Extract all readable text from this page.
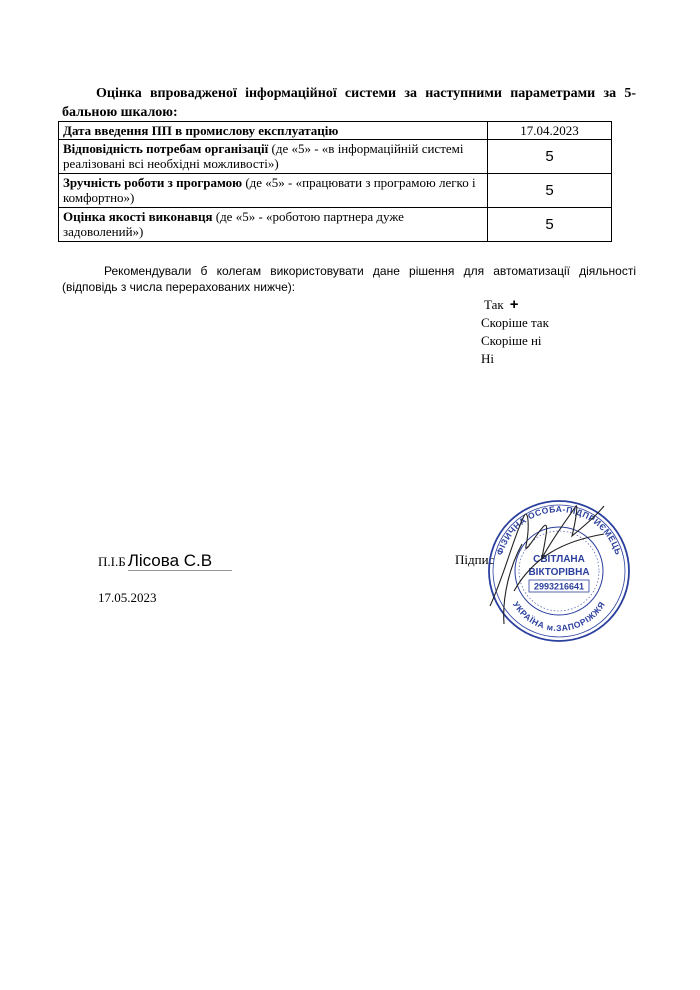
Оцінка впровадженої інформаційної системи за наступними параметрами за 5-бальною шкалою:
Дата введення ПП в промислову експлуатацію	17.04.2023
Відповідність потребам організації (де «5» - «в інформаційній системі реалізовані всі необхідні можливості»)	5
Зручність роботи з програмою (де «5» - «працювати з програмою легко і комфортно»)	5
Оцінка якості виконавця (де «5» - «роботою партнера дуже задоволений»)	5
Рекомендували б колегам використовувати дане рішення для автоматизації діяльності (відповідь з числа перерахованих нижче):
Так +
Скоріше так
Скоріше ні
Ні
П.І.Б Лісова С.В
17.05.2023
Підпис
ФІЗИЧНА ОСОБА-ПІДПРИЄМЕЦЬ
УКРАЇНА м.ЗАПОРІЖЖЯ
СВІТЛАНА
ВІКТОРІВНА
2993216641
